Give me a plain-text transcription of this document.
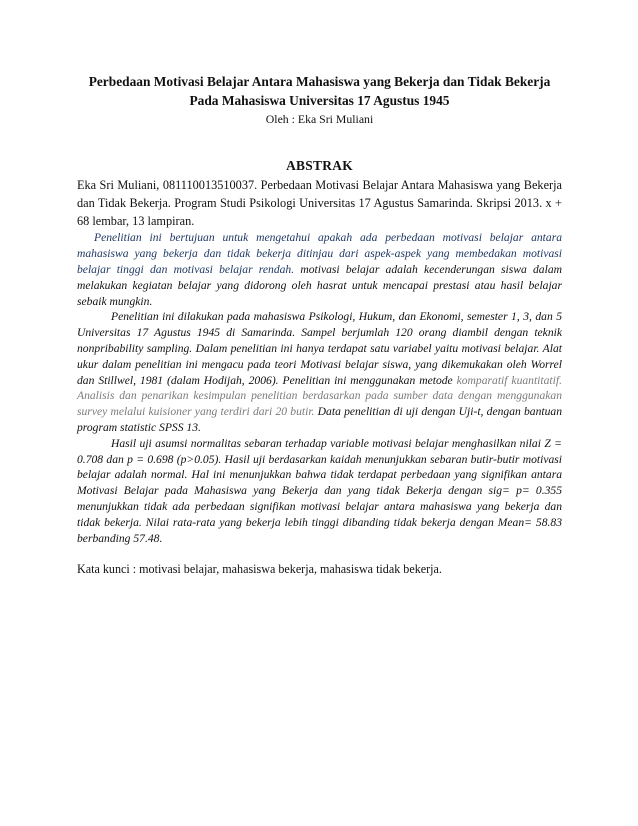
Perbedaan Motivasi Belajar Antara Mahasiswa yang Bekerja dan Tidak Bekerja Pada Mahasiswa Universitas 17 Agustus 1945

Oleh : Eka Sri Muliani

ABSTRAK

Eka Sri Muliani, 081110013510037. Perbedaan Motivasi Belajar Antara Mahasiswa yang Bekerja dan Tidak Bekerja. Program Studi Psikologi Universitas 17 Agustus Samarinda. Skripsi 2013. x + 68 lembar, 13 lampiran.

Penelitian ini bertujuan untuk mengetahui apakah ada perbedaan motivasi belajar antara mahasiswa yang bekerja dan tidak bekerja ditinjau dari aspek-aspek yang membedakan motivasi belajar tinggi dan motivasi belajar rendah. motivasi belajar adalah kecenderungan siswa dalam melakukan kegiatan belajar yang didorong oleh hasrat untuk mencapai prestasi atau hasil belajar sebaik mungkin.

Penelitian ini dilakukan pada mahasiswa Psikologi, Hukum, dan Ekonomi, semester 1, 3, dan 5 Universitas 17 Agustus 1945 di Samarinda. Sampel berjumlah 120 orang diambil dengan teknik nonpribability sampling. Dalam penelitian ini hanya terdapat satu variabel yaitu motivasi belajar. Alat ukur dalam penelitian ini mengacu pada teori Motivasi belajar siswa, yang dikemukakan oleh Worrel dan Stillwel, 1981 (dalam Hodijah, 2006). Penelitian ini menggunakan metode komparatif kuantitatif. Analisis dan penarikan kesimpulan penelitian berdasarkan pada sumber data dengan menggunakan survey melalui kuisioner yang terdiri dari 20 butir. Data penelitian di uji dengan Uji-t, dengan bantuan program statistic SPSS 13.

Hasil uji asumsi normalitas sebaran terhadap variable motivasi belajar menghasilkan nilai Z = 0.708 dan p = 0.698 (p>0.05). Hasil uji berdasarkan kaidah menunjukkan sebaran butir-butir motivasi belajar adalah normal. Hal ini menunjukkan bahwa tidak terdapat perbedaan yang signifikan antara Motivasi Belajar pada Mahasiswa yang Bekerja dan yang tidak Bekerja dengan sig= p= 0.355 menunjukkan tidak ada perbedaan signifikan motivasi belajar antara mahasiswa yang bekerja dan tidak bekerja. Nilai rata-rata yang bekerja lebih tinggi dibanding tidak bekerja dengan Mean= 58.83 berbanding 57.48.

Kata kunci : motivasi belajar, mahasiswa bekerja, mahasiswa tidak bekerja.
